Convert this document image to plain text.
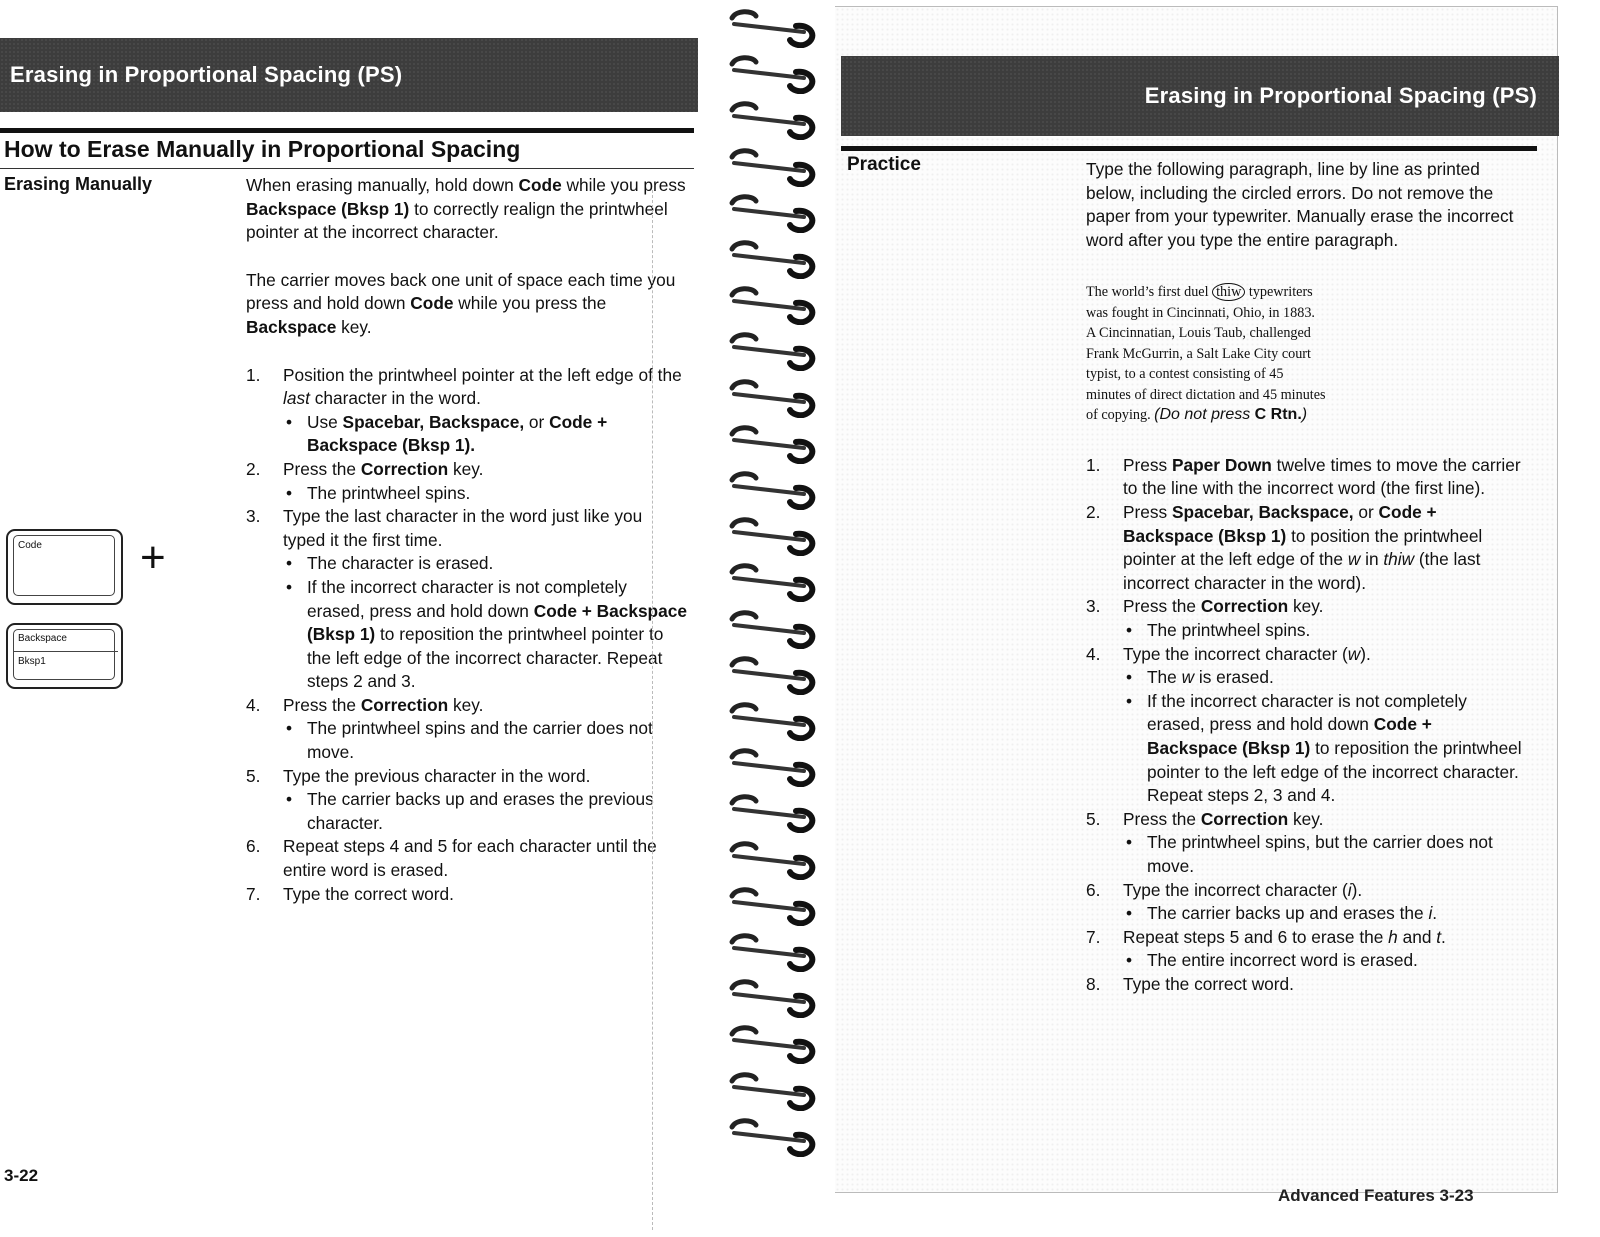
Erasing in Proportional Spacing (PS)
How to Erase Manually in Proportional Spacing
Erasing Manually	When erasing manually, hold down Code while you press Backspace (Bksp 1) to correctly realign the printwheel pointer at the incorrect character.

The carrier moves back one unit of space each time you press and hold down Code while you press the Backspace key.

1. Position the printwheel pointer at the left edge of the last character in the word.
• Use Spacebar, Backspace, or Code + Backspace (Bksp 1).
2. Press the Correction key.
• The printwheel spins.
3. Type the last character in the word just like you typed it the first time.
• The character is erased.
• If the incorrect character is not completely erased, press and hold down Code + Backspace (Bksp 1) to reposition the printwheel pointer to the left edge of the incorrect character. Repeat steps 2 and 3.
4. Press the Correction key.
• The printwheel spins and the carrier does not move.
5. Type the previous character in the word.
• The carrier backs up and erases the previous character.
6. Repeat steps 4 and 5 for each character until the entire word is erased.
7. Type the correct word.
Code +
Backspace
Bksp1
3-22
Erasing in Proportional Spacing (PS)
Practice	Type the following paragraph, line by line as printed below, including the circled errors. Do not remove the paper from your typewriter. Manually erase the incorrect word after you type the entire paragraph.

The world’s first duel thiw typewriters
was fought in Cincinnati, Ohio, in 1883.
A Cincinnatian, Louis Taub, challenged
Frank McGurrin, a Salt Lake City court
typist, to a contest consisting of 45
minutes of direct dictation and 45 minutes
of copying. (Do not press C Rtn.)
1. Press Paper Down twelve times to move the carrier to the line with the incorrect word (the first line).
2. Press Spacebar, Backspace, or Code + Backspace (Bksp 1) to position the printwheel pointer at the left edge of the w in thiw (the last incorrect character in the word).
3. Press the Correction key.
• The printwheel spins.
4. Type the incorrect character (w).
• The w is erased.
• If the incorrect character is not completely erased, press and hold down Code + Backspace (Bksp 1) to reposition the printwheel pointer to the left edge of the incorrect character. Repeat steps 2, 3 and 4.
5. Press the Correction key.
• The printwheel spins, but the carrier does not move.
6. Type the incorrect character (i).
• The carrier backs up and erases the i.
7. Repeat steps 5 and 6 to erase the h and t.
• The entire incorrect word is erased.
8. Type the correct word.
Advanced Features 3-23
